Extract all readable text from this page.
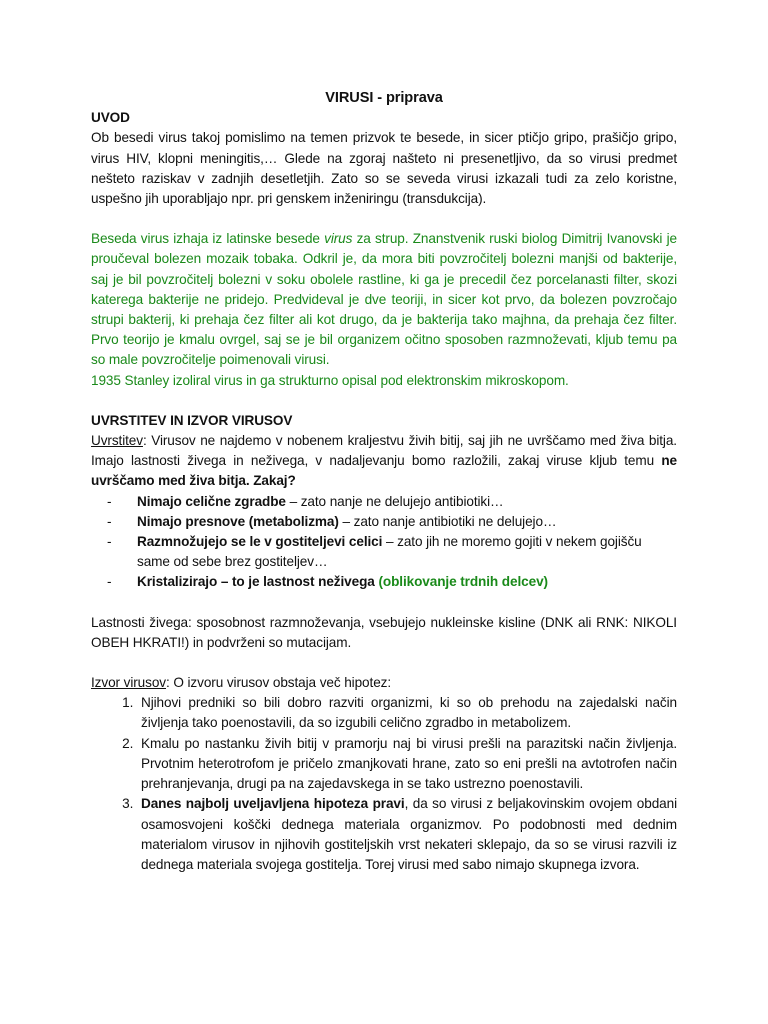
VIRUSI - priprava

UVOD

Ob besedi virus takoj pomislimo na temen prizvok te besede, in sicer ptičjo gripo, prašičjo gripo, virus HIV, klopni meningitis,… Glede na zgoraj našteto ni presenetljivo, da so virusi predmet nešteto raziskav v zadnjih desetletjih. Zato so se seveda virusi izkazali tudi za zelo koristne, uspešno jih uporabljajo npr. pri genskem inženiringu (transdukcija).

Beseda virus izhaja iz latinske besede virus za strup. Znanstvenik ruski biolog Dimitrij Ivanovski je proučeval bolezen mozaik tobaka. Odkril je, da mora biti povzročitelj bolezni manjši od bakterije, saj je bil povzročitelj bolezni v soku obolele rastline, ki ga je precedil čez porcelanasti filter, skozi katerega bakterije ne pridejo. Predvideval je dve teoriji, in sicer kot prvo, da bolezen povzročajo strupi bakterij, ki prehaja čez filter ali kot drugo, da je bakterija tako majhna, da prehaja čez filter. Prvo teorijo je kmalu ovrgel, saj se je bil organizem očitno sposoben razmnoževati, kljub temu pa so male povzročitelje poimenovali virusi.

1935 Stanley izoliral virus in ga strukturno opisal pod elektronskim mikroskopom.

UVRSTITEV IN IZVOR VIRUSOV

Uvrstitev: Virusov ne najdemo v nobenem kraljestvu živih bitij, saj jih ne uvrščamo med živa bitja. Imajo lastnosti živega in neživega, v nadaljevanju bomo razložili, zakaj viruse kljub temu ne uvrščamo med živa bitja. Zakaj?

- Nimajo celične zgradbe – zato nanje ne delujejo antibiotiki…
- Nimajo presnove (metabolizma) – zato nanje antibiotiki ne delujejo…
- Razmnožujejo se le v gostiteljevi celici – zato jih ne moremo gojiti v nekem gojišču same od sebe brez gostiteljev…
- Kristalizirajo – to je lastnost neživega (oblikovanje trdnih delcev)

Lastnosti živega: sposobnost razmnoževanja, vsebujejo nukleinske kisline (DNK ali RNK: NIKOLI OBEH HKRATI!) in podvrženi so mutacijam.

Izvor virusov: O izvoru virusov obstaja več hipotez:

1. Njihovi predniki so bili dobro razviti organizmi, ki so ob prehodu na zajedalski način življenja tako poenostavili, da so izgubili celično zgradbo in metabolizem.
2. Kmalu po nastanku živih bitij v pramorju naj bi virusi prešli na parazitski način življenja. Prvotnim heterotrofom je pričelo zmanjkovati hrane, zato so eni prešli na avtotrofen način prehranjevanja, drugi pa na zajedavskega in se tako ustrezno poenostavili.
3. Danes najbolj uveljavljena hipoteza pravi, da so virusi z beljakovinskim ovojem obdani osamosvojeni koščki dednega materiala organizmov. Po podobnosti med dednim materialom virusov in njihovih gostiteljskih vrst nekateri sklepajo, da so se virusi razvili iz dednega materiala svojega gostitelja. Torej virusi med sabo nimajo skupnega izvora.
